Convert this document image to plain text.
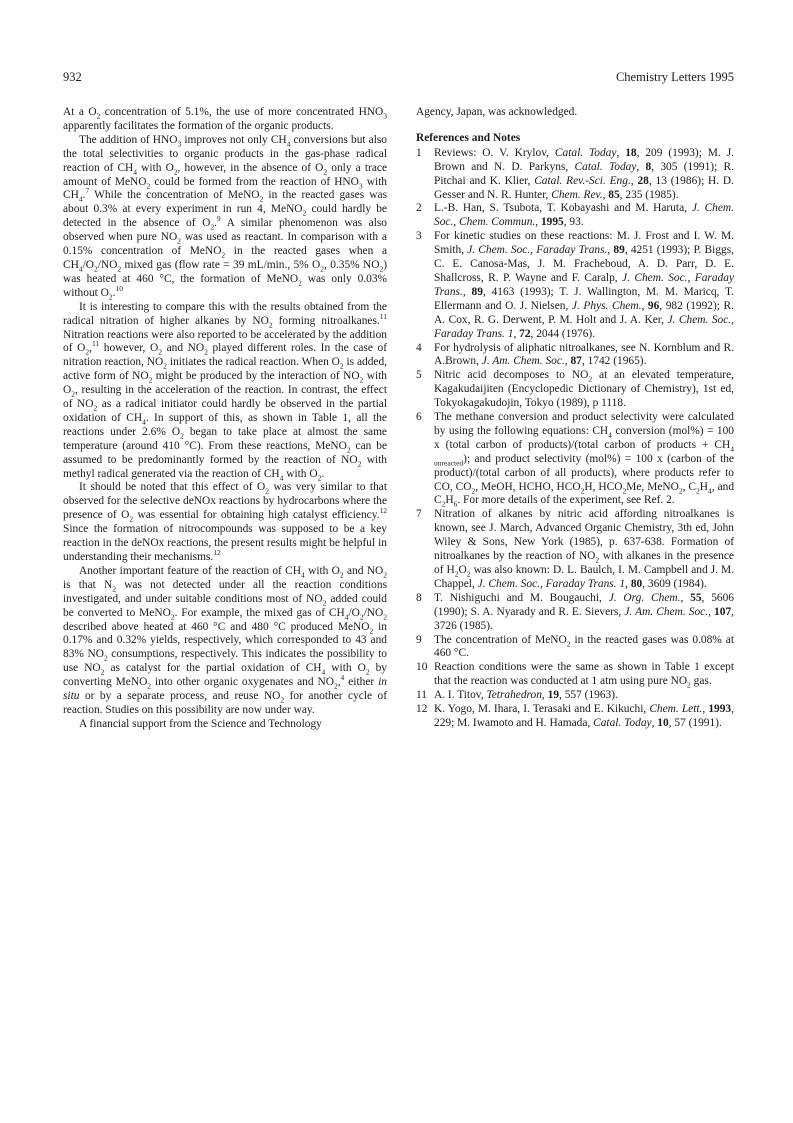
932	Chemistry Letters 1995

At a $O_2$ concentration of 5.1%, the use of more concentrated $HNO_3$ apparently facilitates the formation of the organic products.

The addition of $HNO_3$ improves not only $CH_4$ conversions but also the total selectivities to organic products in the gas-phase radical reaction of $CH_4$ with $O_2$, however, in the absence of $O_2$ only a trace amount of MeNO$_2$ could be formed from the reaction of $HNO_3$ with $CH_4.^7$ While the concentration of MeNO$_2$ in the reacted gases was about 0.3% at every experiment in run 4, MeNO$_2$ could hardly be detected in the absence of $O_2.^9$ A similar phenomenon was also observed when pure $NO_2$ was used as reactant. In comparison with a 0.15% concentration of MeNO$_2$ in the reacted gases when a $CH_4/O_2/NO_2$ mixed gas (flow rate = 39 mL/min., 5% $O_2$, 0.35% $NO_2$) was heated at 460 °C, the formation of MeNO$_2$ was only 0.03% without $O_2.^{10}$

It is interesting to compare this with the results obtained from the radical nitration of higher alkanes by $NO_2$ forming nitroalkanes.$^{11}$ Nitration reactions were also reported to be accelerated by the addition of $O_2,^{11}$ however, $O_2$ and $NO_2$ played different roles. In the case of nitration reaction, $NO_2$ initiates the radical reaction. When $O_2$ is added, active form of $NO_2$ might be produced by the interaction of $NO_2$ with $O_2$, resulting in the acceleration of the reaction. In contrast, the effect of $NO_2$ as a radical initiator could hardly be observed in the partial oxidation of $CH_4$. In support of this, as shown in Table 1, all the reactions under 2.6% $O_2$ began to take place at almost the same temperature (around 410 °C). From these reactions, MeNO$_2$ can be assumed to be predominantly formed by the reaction of $NO_2$ with methyl radical generated via the reaction of $CH_4$ with $O_2$.

It should be noted that this effect of $O_2$ was very similar to that observed for the selective deNOx reactions by hydrocarbons where the presence of $O_2$ was essential for obtaining high catalyst efficiency.$^{12}$ Since the formation of nitrocompounds was supposed to be a key reaction in the deNOx reactions, the present results might be helpful in understanding their mechanisms.$^{12}$

Another important feature of the reaction of $CH_4$ with $O_2$ and $NO_2$ is that $N_2$ was not detected under all the reaction conditions investigated, and under suitable conditions most of $NO_2$ added could be converted to MeNO$_2$. For example, the mixed gas of $CH_4/O_2/NO_2$ described above heated at 460 °C and 480 °C produced MeNO$_2$ in 0.17% and 0.32% yields, respectively, which corresponded to 43 and 83% $NO_2$ consumptions, respectively. This indicates the possibility to use $NO_2$ as catalyst for the partial oxidation of $CH_4$ with $O_2$ by converting MeNO$_2$ into other organic oxygenates and $NO_2,^4$ either in situ or by a separate process, and reuse $NO_2$ for another cycle of reaction. Studies on this possibility are now under way.

A financial support from the Science and Technology

Agency, Japan, was acknowledged.

References and Notes
1	Reviews: O. V. Krylov, Catal. Today, 18, 209 (1993); M. J. Brown and N. D. Parkyns, Catal. Today, 8, 305 (1991); R. Pitchai and K. Klier, Catal. Rev.-Sci. Eng., 28, 13 (1986); H. D. Gesser and N. R. Hunter, Chem. Rev., 85, 235 (1985).
2	L.-B. Han, S. Tsubota, T. Kobayashi and M. Haruta, J. Chem. Soc., Chem. Commun., 1995, 93.
3	For kinetic studies on these reactions: M. J. Frost and I. W. M. Smith, J. Chem. Soc., Faraday Trans., 89, 4251 (1993); P. Biggs, C. E. Canosa-Mas, J. M. Fracheboud, A. D. Parr, D. E. Shallcross, R. P. Wayne and F. Caralp, J. Chem. Soc., Faraday Trans., 89, 4163 (1993); T. J. Wallington, M. M. Maricq, T. Ellermann and O. J. Nielsen, J. Phys. Chem., 96, 982 (1992); R. A. Cox, R. G. Derwent, P. M. Holt and J. A. Ker, J. Chem. Soc., Faraday Trans. 1, 72, 2044 (1976).
4	For hydrolysis of aliphatic nitroalkanes, see N. Kornblum and R. A.Brown, J. Am. Chem. Soc., 87, 1742 (1965).
5	Nitric acid decomposes to $NO_2$ at an elevated temperature, Kagakudaijiten (Encyclopedic Dictionary of Chemistry), 1st ed, Tokyokagakudojin, Tokyo (1989), p 1118.
6	The methane conversion and product selectivity were calculated by using the following equations: $CH_4$ conversion (mol%) = 100 x (total carbon of products)/(total carbon of products + $CH_{4 unreacted}$); and product selectivity (mol%) = 100 x (carbon of the product)/(total carbon of all products), where products refer to CO, $CO_2$, MeOH, HCHO, $HCO_2H$, $HCO_2Me$, MeNO$_2$, $C_2H_4$, and $C_2H_6$. For more details of the experiment, see Ref. 2.
7	Nitration of alkanes by nitric acid affording nitroalkanes is known, see J. March, Advanced Organic Chemistry, 3th ed, John Wiley & Sons, New York (1985), p. 637-638. Formation of nitroalkanes by the reaction of $NO_2$ with alkanes in the presence of $H_2O_2$ was also known: D. L. Baulch, I. M. Campbell and J. M. Chappel, J. Chem. Soc., Faraday Trans. 1, 80, 3609 (1984).
8	T. Nishiguchi and M. Bougauchi, J. Org. Chem., 55, 5606 (1990); S. A. Nyarady and R. E. Sievers, J. Am. Chem. Soc., 107, 3726 (1985).
9	The concentration of MeNO$_2$ in the reacted gases was 0.08% at 460 °C.
10 Reaction conditions were the same as shown in Table 1 except that the reaction was conducted at 1 atm using pure $NO_2$ gas.
11 A. I. Titov, Tetrahedron, 19, 557 (1963).
12 K. Yogo, M. Ihara, I. Terasaki and E. Kikuchi, Chem. Lett., 1993, 229; M. Iwamoto and H. Hamada, Catal. Today, 10, 57 (1991).
